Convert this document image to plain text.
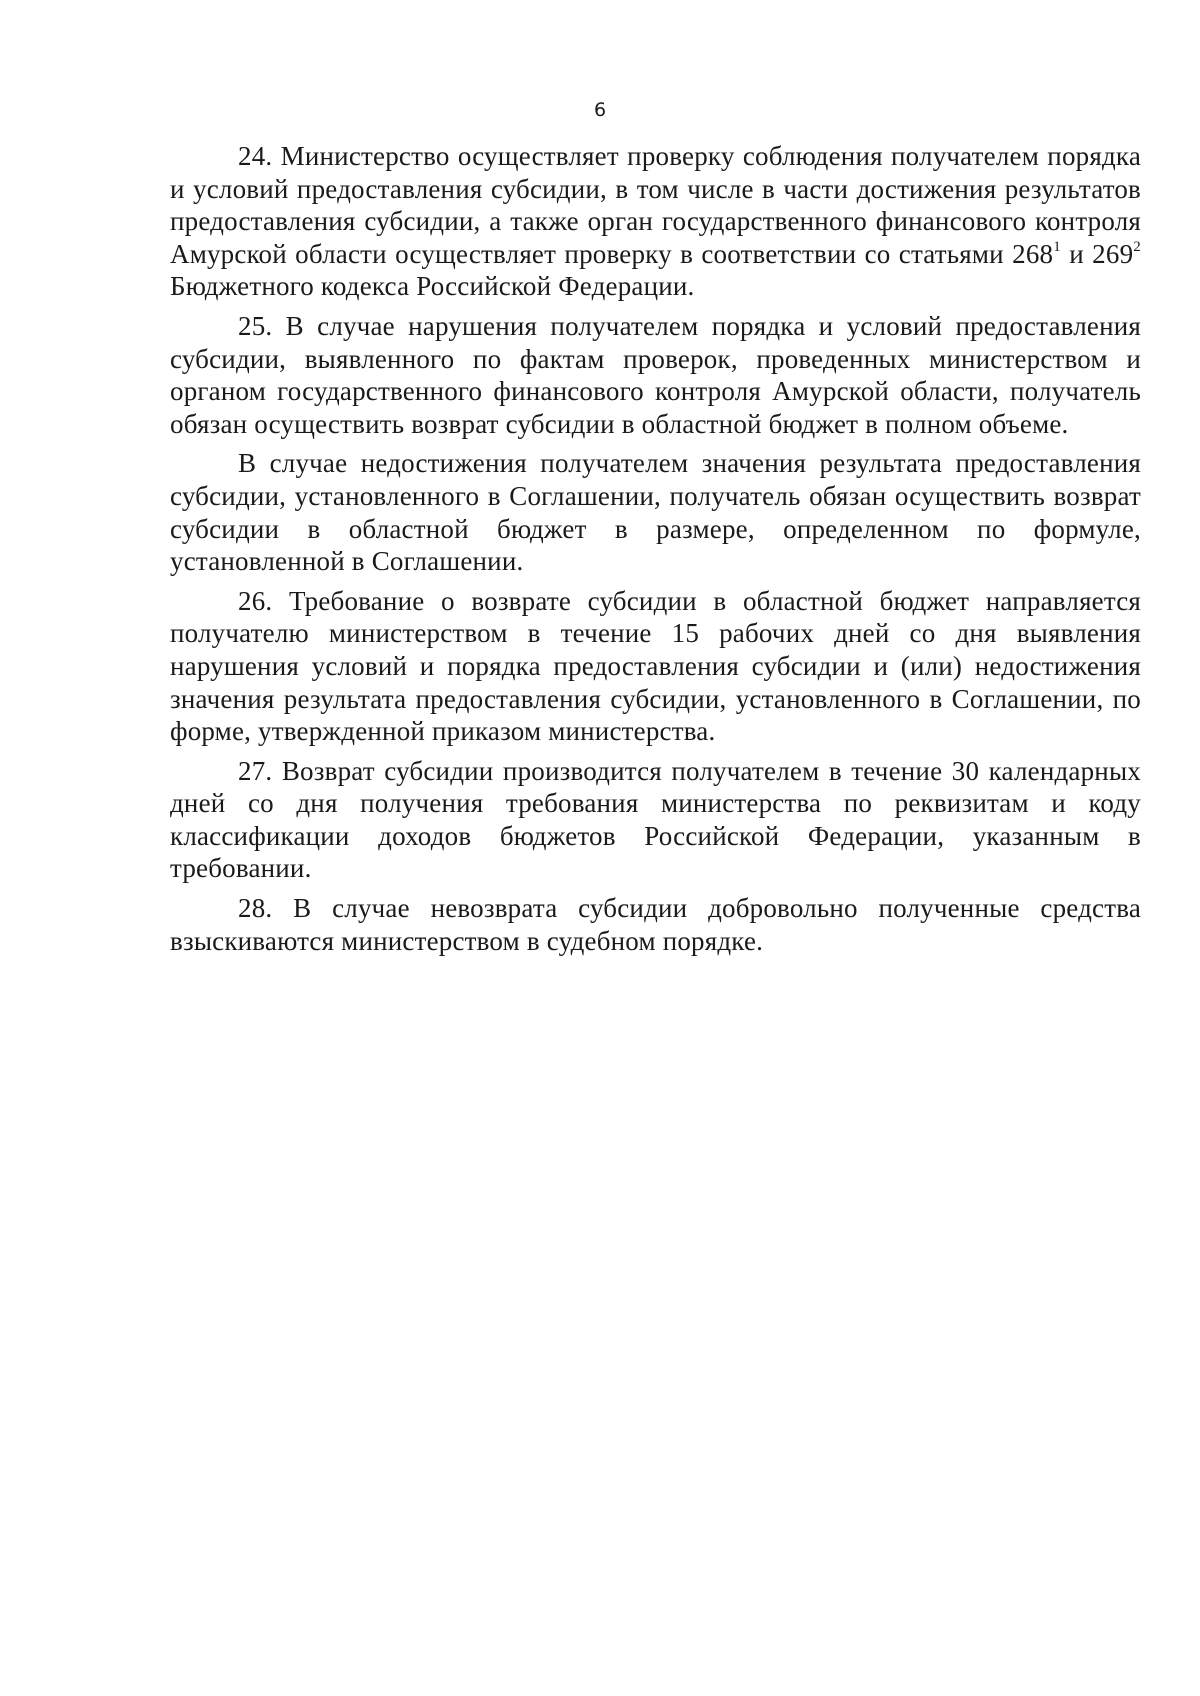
6

24. Министерство осуществляет проверку соблюдения получателем порядка и условий предоставления субсидии, в том числе в части достижения результатов предоставления субсидии, а также орган государственного финансового контроля Амурской области осуществляет проверку в соответствии со статьями $268^1$ и $269^2$ Бюджетного кодекса Российской Федерации.

25. В случае нарушения получателем порядка и условий предоставления субсидии, выявленного по фактам проверок, проведенных министерством и органом государственного финансового контроля Амурской области, получатель обязан осуществить возврат субсидии в областной бюджет в полном объеме.

В случае недостижения получателем значения результата предоставления субсидии, установленного в Соглашении, получатель обязан осуществить возврат субсидии в областной бюджет в размере, определенном по формуле, установленной в Соглашении.

26. Требование о возврате субсидии в областной бюджет направляется получателю министерством в течение 15 рабочих дней со дня выявления нарушения условий и порядка предоставления субсидии и (или) недостижения значения результата предоставления субсидии, установленного в Соглашении, по форме, утвержденной приказом министерства.

27. Возврат субсидии производится получателем в течение 30 календарных дней со дня получения требования министерства по реквизитам и коду классификации доходов бюджетов Российской Федерации, указанным в требовании.

28. В случае невозврата субсидии добровольно полученные средства взыскиваются министерством в судебном порядке.
